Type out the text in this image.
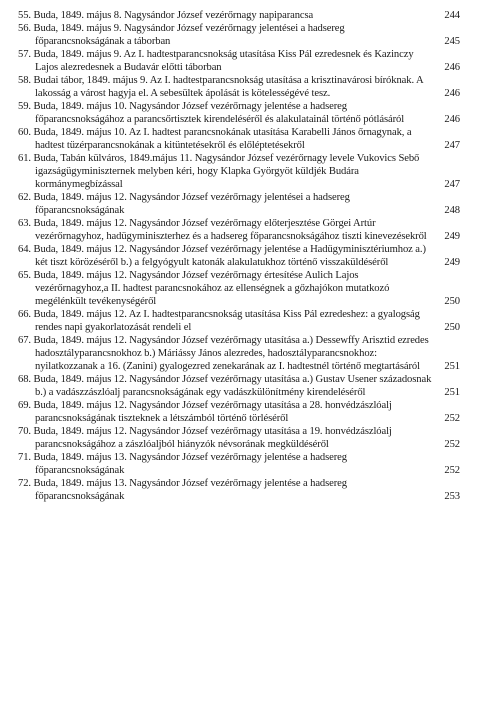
55. Buda, 1849. május 8. Nagysándor József vezérőrnagy napiparancsa	244
56. Buda, 1849. május 9. Nagysándor József vezérőrnagy jelentései a hadsereg főparancsnokságának a táborban	245
57. Buda, 1849. május 9. Az I. hadtestparancsnokság utasítása Kiss Pál ezredesnek és Kazinczy Lajos alezredesnek a Budavár előtti táborban	246
58. Budai tábor, 1849. május 9. Az I. hadtestparancsnokság utasítása a krisztinavárosi bíróknak. A lakosság a várost hagyja el. A sebesültek ápolását is kötelességévé tesz.	246
59. Buda, 1849. május 10. Nagysándor József vezérőrnagy jelentése a hadsereg főparancsnokságához a parancsőrtisztek kirendeléséről és alakulatainál történő pótlásáról	246
60. Buda, 1849. május 10. Az I. hadtest parancsnokának utasítása Karabelli János őrnagynak, a hadtest tüzérparancsnokának a kitüntetésekről és előléptetésekről	247
61. Buda, Tabán külváros, 1849.május 11. Nagysándor József vezérőrnagy levele Vukovics Sebő igazságügyminiszternek melyben kéri, hogy Klapka Györgyöt küldjék Budára kormánymegbízással	247
62. Buda, 1849. május 12. Nagysándor József vezérőrnagy jelentései a hadsereg főparancsnokságának	248
63. Buda, 1849. május 12. Nagysándor József vezérőrnagy előterjesztése Görgei Artúr vezérőrnagyhoz, hadügyminiszterhez és a hadsereg főparancsnokságához tiszti kinevezésekről 249
64. Buda, 1849. május 12. Nagysándor József vezérőrnagy jelentése a Hadügyminisztériumhoz a.) két tiszt körözéséről b.) a felgyógyult katonák alakulatukhoz történő visszaküldéséről	249
65. Buda, 1849. május 12. Nagysándor József vezérőrnagy értesítése Aulich Lajos vezérőrnagyhoz,a II. hadtest parancsnokához az ellenségnek a gőzhajókon mutatkozó megélénkült tevékenységéről	250
66. Buda, 1849. május 12. Az I. hadtestparancsnokság utasítása Kiss Pál ezredeshez: a gyalogság rendes napi gyakorlatozását rendeli el	250
67. Buda, 1849. május 12. Nagysándor József vezérőrnagy utasítása a.) Dessewffy Arisztid ezredes hadosztályparancsnokhoz b.) Máriássy János alezredes, hadosztályparancsnokhoz: nyilatkozzanak a 16. (Zanini) gyalogezred zenekarának az I. hadtestnél történő megtartásáról 251
68. Buda, 1849. május 12. Nagysándor József vezérőrnagy utasítása a.) Gustav Usener századosnak b.) a vadászzászlóalj parancsnokságának egy vadászkülönítmény kirendeléséről	251
69. Buda, 1849. május 12. Nagysándor József vezérőrnagy utasítása a 28. honvédzászlóalj parancsnokságának tiszteknek a létszámból történő törléséről	252
70. Buda, 1849. május 12. Nagysándor József vezérőrnagy utasítása a 19. honvédzászlóalj parancsnokságához a zászlóaljból hiányzók névsorának megküldéséről	252
71. Buda, 1849. május 13. Nagysándor József vezérőrnagy jelentése a hadsereg főparancsnokságának	252
72. Buda, 1849. május 13. Nagysándor József vezérőrnagy jelentése a hadsereg főparancsnokságának	253
